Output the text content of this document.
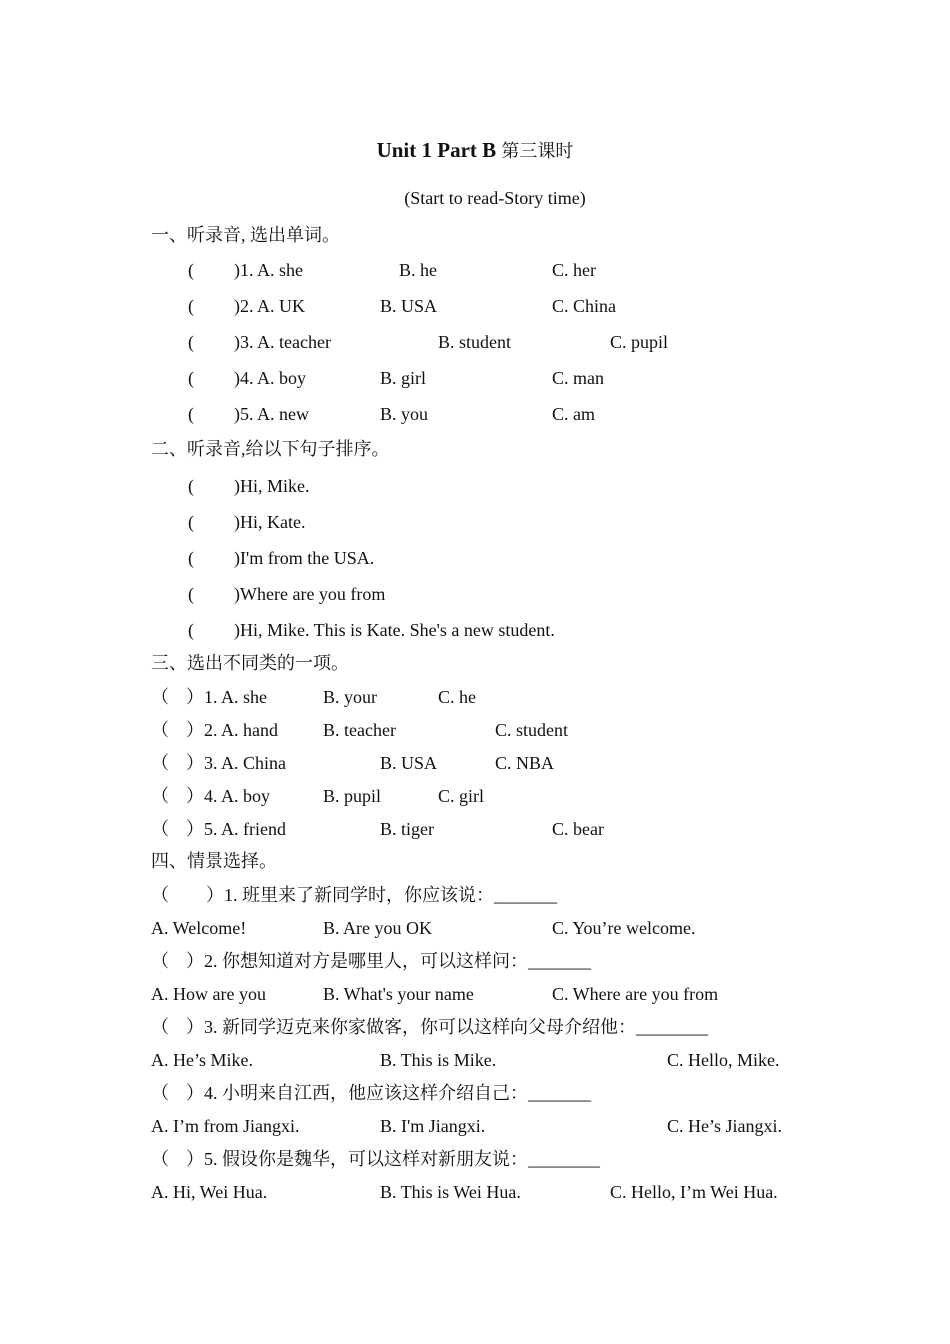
Unit 1 Part B 第三课时
(Start to read-Story time)
一、听录音, 选出单词。
( )1. A. she	B. he	C. her
( )2. A. UK	B. USA	C. China
( )3. A. teacher	B. student	C. pupil
( )4. A. boy	B. girl	C. man
( )5. A. new	B. you	C. am
二、听录音,给以下句子排序。
( )Hi, Mike.
( )Hi, Kate.
( )I'm from the USA.
( )Where are you from
( )Hi, Mike. This is Kate. She's a new student.
三、选出不同类的一项。
（ ）1. A. she	B. your	C. he
（ ）2. A. hand	B. teacher	C. student
（ ）3. A. China	B. USA	C. NBA
（ ）4. A. boy	B. pupil	C. girl
（ ）5. A. friend	B. tiger	C. bear
四、情景选择。
（ ）1. 班里来了新同学时，你应该说：_______
A. Welcome!	B. Are you OK	C. You’re welcome.
（ ）2. 你想知道对方是哪里人，可以这样问：_______
A. How are you	B. What's your name	C. Where are you from
（ ）3. 新同学迈克来你家做客，你可以这样向父母介绍他：________
A. He’s Mike.	B. This is Mike.	C. Hello, Mike.
（ ）4. 小明来自江西，他应该这样介绍自己：_______
A. I’m from Jiangxi.	B. I'm Jiangxi.	C. He’s Jiangxi.
（ ）5. 假设你是魏华，可以这样对新朋友说：________
A. Hi, Wei Hua.	B. This is Wei Hua.	C. Hello, I’m Wei Hua.
